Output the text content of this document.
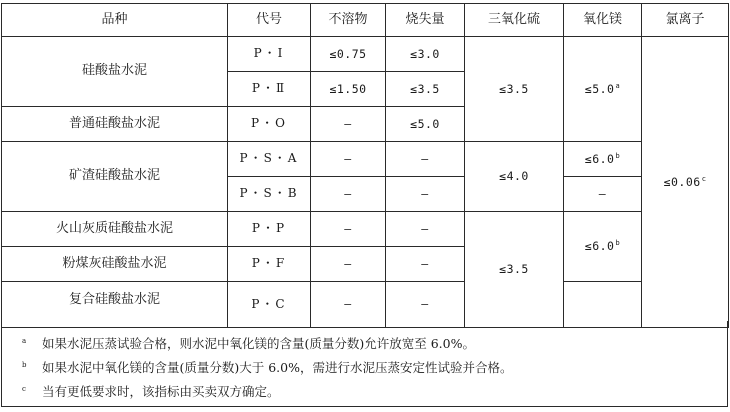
品种	代号	不溶物	烧失量	三氧化硫	氧化镁	氯离子
硅酸盐水泥	P・Ⅰ	≤0.75	≤3.0	≤3.5	≤5.0$^a$	≤0.06$^c$
	P・Ⅱ	≤1.50	≤3.5			
普通硅酸盐水泥	P・O	—	≤5.0			
矿渣硅酸盐水泥	P・S・A	—	—	≤4.0	≤6.0$^b$
	P・S・B	—	—		—	
火山灰质硅酸盐水泥	P・P	—	—	≤3.5	≤6.0$^b$
粉煤灰硅酸盐水泥	P・F	—	—			
复合硅酸盐水泥	P・C	—	—			
a 如果水泥压蒸试验合格，则水泥中氧化镁的含量(质量分数)允许放宽至 6.0%。
b 如果水泥中氧化镁的含量(质量分数)大于 6.0%，需进行水泥压蒸安定性试验并合格。
c 当有更低要求时，该指标由买卖双方确定。
